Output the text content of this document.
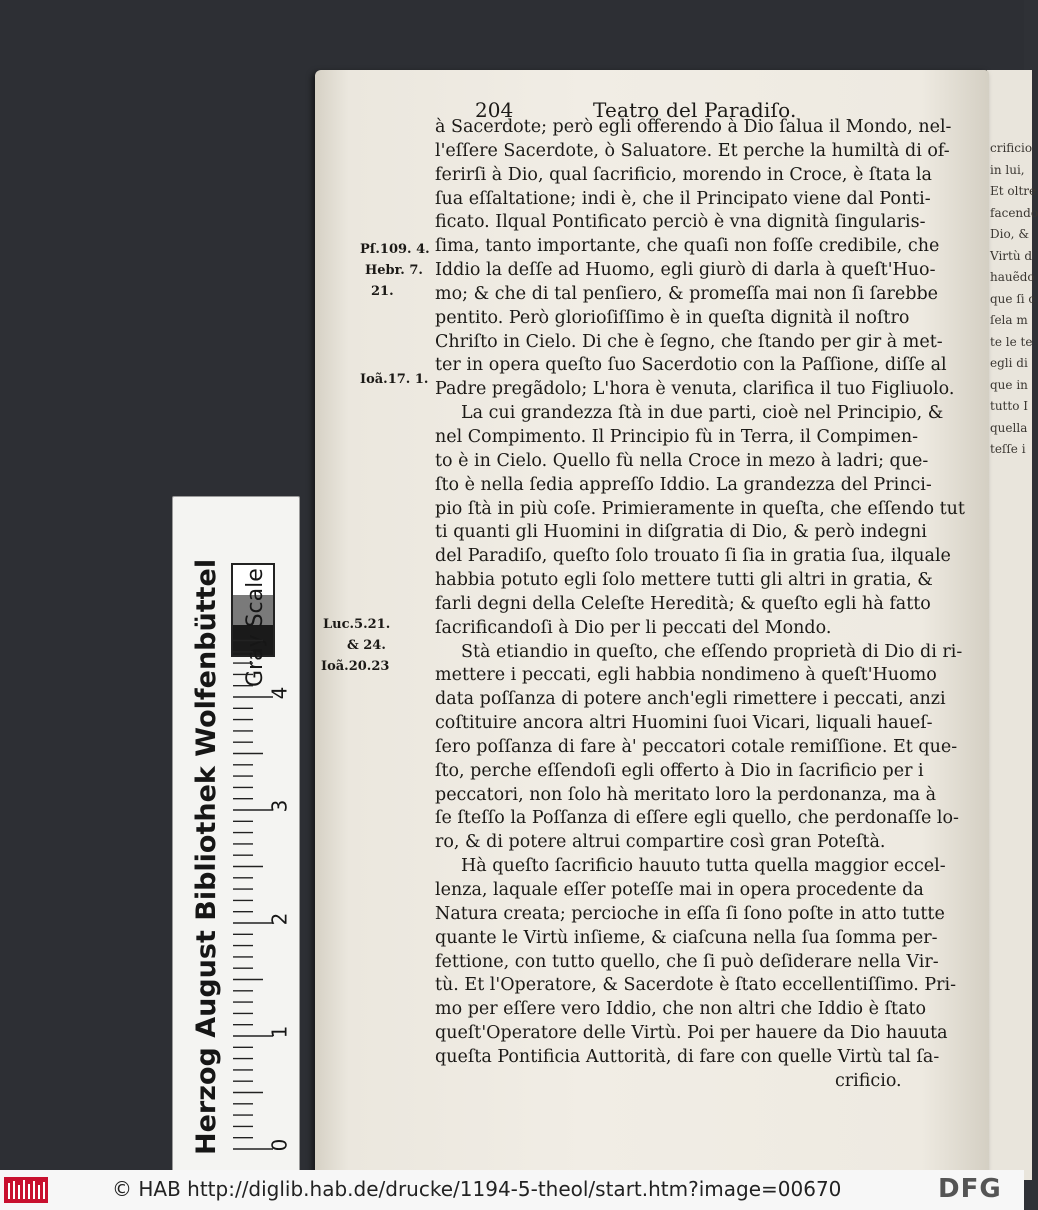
crificio
in lui,
Et oltre
facendo
Dio, &
Virtù d
hauẽdo
que ſi c
ſela m
te le te
egli di
que in
tutto I
quella
teſſe i
204	Teatro del Paradiſo.
à Sacerdote; però egli offerendo à Dio ſalua il Mondo, nel-
l'eſſere Sacerdote, ò Saluatore. Et perche la humiltà di of-
ferirſi à Dio, qual ſacrificio, morendo in Croce, è ſtata la
ſua eſſaltatione; indi è, che il Principato viene dal Ponti-
ficato. Ilqual Pontificato perciò è vna dignità ſingularis-
ſima, tanto importante, che quaſi non foſſe credibile, che
Iddio la deſſe ad Huomo, egli giurò di darla à queſt'Huo-
mo; & che di tal penſiero, & promeſſa mai non ſi ſarebbe
pentito. Però glorioſiſſimo è in queſta dignità il noſtro
Chriſto in Cielo. Di che è ſegno, che ſtando per gir à met-
ter in opera queſto ſuo Sacerdotio con la Paſſione, diſſe al
Padre pregãdolo; L'hora è venuta, clarifica il tuo Figliuolo.
La cui grandezza ſtà in due parti, cioè nel Principio, &
nel Compimento. Il Principio fù in Terra, il Compimen-
to è in Cielo. Quello fù nella Croce in mezo à ladri; que-
ſto è nella ſedia appreſſo Iddio. La grandezza del Princi-
pio ſtà in più coſe. Primieramente in queſta, che eſſendo tut
ti quanti gli Huomini in diſgratia di Dio, & però indegni
del Paradiſo, queſto ſolo trouato ſi ſia in gratia ſua, ilquale
habbia potuto egli ſolo mettere tutti gli altri in gratia, &
farli degni della Celeſte Heredità; & queſto egli hà fatto
ſacrificandoſi à Dio per li peccati del Mondo.
Stà etiandio in queſto, che eſſendo proprietà di Dio di ri-
mettere i peccati, egli habbia nondimeno à queſt'Huomo
data poſſanza di potere anch'egli rimettere i peccati, anzi
coſtituire ancora altri Huomini ſuoi Vicari, liquali haueſ-
ſero poſſanza di fare à' peccatori cotale remiſſione. Et que-
ſto, perche eſſendoſi egli offerto à Dio in ſacrificio per i
peccatori, non ſolo hà meritato loro la perdonanza, ma à
ſe ſteſſo la Poſſanza di eſſere egli quello, che perdonaſſe lo-
ro, & di potere altrui compartire così gran Poteſtà.
Hà queſto ſacrificio hauuto tutta quella maggior eccel-
lenza, laquale eſſer poteſſe mai in opera procedente da
Natura creata; percioche in eſſa ſi ſono poſte in atto tutte
quante le Virtù inſieme, & ciaſcuna nella ſua ſomma per-
fettione, con tutto quello, che ſi può deſiderare nella Vir-
tù. Et l'Operatore, & Sacerdote è ſtato eccellentiſſimo. Pri-
mo per eſſere vero Iddio, che non altri che Iddio è ſtato
queſt'Operatore delle Virtù. Poi per hauere da Dio hauuta
queſta Pontificia Auttorità, di fare con quelle Virtù tal ſa-
crificio.
Pſ.109. 4.
Hebr. 7.
21.
Ioã.17. 1.
Luc.5.21.
& 24.
Ioã.20.23
Herzog August Bibliothek Wolfenbüttel Gray Scale
0
1
2
3
4
© HAB http://diglib.hab.de/drucke/1194-5-theol/start.htm?image=00670	DFG
